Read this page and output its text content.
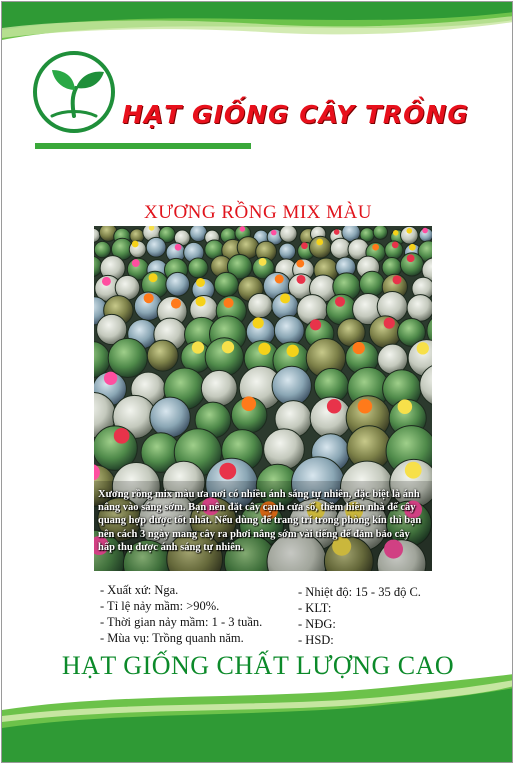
HẠT GIỐNG CÂY TRỒNG
XƯƠNG RỒNG MIX MÀU
Xương rồng mix màu ưa nơi có nhiều ánh sáng tự nhiên, đặc biệt là ánh nắng vào sáng sớm. Bạn nên đặt cây cạnh cửa sổ, thềm hiên nhà để cây quang hợp được tốt nhất. Nếu dùng để trang trí trong phòng kín thì bạn nên cách 3 ngày mang cây ra phơi nắng sớm vài tiếng để đảm bảo cây hấp thụ được ánh sáng tự nhiên.
- Xuất xứ: Nga.
- Tỉ lệ nảy mầm: >90%.
- Thời gian nảy mầm: 1 - 3 tuần.
- Mùa vụ: Trồng quanh năm.
- Nhiệt độ: 15 - 35 độ C.
- KLT:
- NĐG:
- HSD:
HẠT GIỐNG CHẤT LƯỢNG CAO
